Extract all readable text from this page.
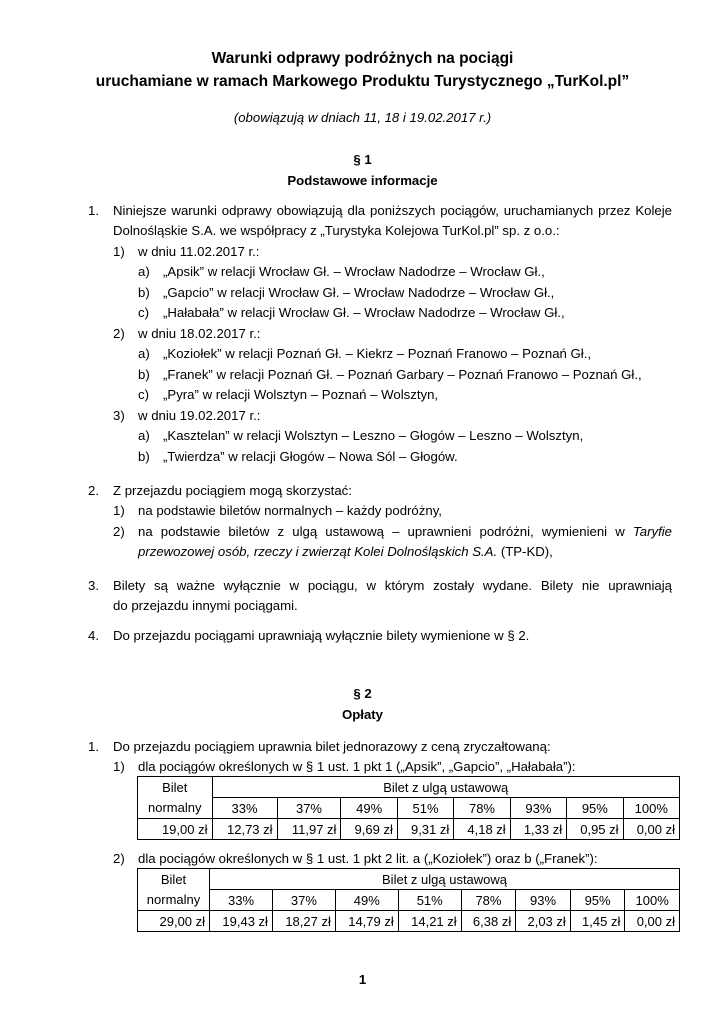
Warunki odprawy podróżnych na pociągi
uruchamiane w ramach Markowego Produktu Turystycznego „TurKol.pl”
(obowiązują w dniach 11, 18 i 19.02.2017 r.)
§ 1
Podstawowe informacje
1. Niniejsze warunki odprawy obowiązują dla poniższych pociągów, uruchamianych przez Koleje
Dolnośląskie S.A. we współpracy z „Turystyka Kolejowa TurKol.pl” sp. z o.o.:
1) w dniu 11.02.2017 r.:
a) „Apsik” w relacji Wrocław Gł. – Wrocław Nadodrze – Wrocław Gł.,
b) „Gapcio” w relacji Wrocław Gł. – Wrocław Nadodrze – Wrocław Gł.,
c) „Hałabała” w relacji Wrocław Gł. – Wrocław Nadodrze – Wrocław Gł.,
2) w dniu 18.02.2017 r.:
a) „Koziołek” w relacji Poznań Gł. – Kiekrz – Poznań Franowo – Poznań Gł.,
b) „Franek” w relacji Poznań Gł. – Poznań Garbary – Poznań Franowo – Poznań Gł.,
c) „Pyra” w relacji Wolsztyn – Poznań – Wolsztyn,
3) w dniu 19.02.2017 r.:
a) „Kasztelan” w relacji Wolsztyn – Leszno – Głogów – Leszno – Wolsztyn,
b) „Twierdza” w relacji Głogów – Nowa Sól – Głogów.
2. Z przejazdu pociągiem mogą skorzystać:
1) na podstawie biletów normalnych – każdy podróżny,
2) na podstawie biletów z ulgą ustawową – uprawnieni podróżni, wymienieni w Taryfie
przewozowej osób, rzeczy i zwierząt Kolei Dolnośląskich S.A. (TP-KD),
3. Bilety są ważne wyłącznie w pociągu, w którym zostały wydane. Bilety nie uprawniają
do przejazdu innymi pociągami.
4. Do przejazdu pociągami uprawniają wyłącznie bilety wymienione w § 2.
§ 2
Opłaty
1. Do przejazdu pociągiem uprawnia bilet jednorazowy z ceną zryczałtowaną:
1) dla pociągów określonych w § 1 ust. 1 pkt 1 („Apsik”, „Gapcio”, „Hałabała”):
Bilet	Bilet z ulgą ustawową							
normalny	33%	37%	49%	51%	78%	93%	95%	100%
19,00 zł	12,73 zł	11,97 zł	9,69 zł	9,31 zł	4,18 zł	1,33 zł	0,95 zł	0,00 zł
2) dla pociągów określonych w § 1 ust. 1 pkt 2 lit. a („Koziołek”) oraz b („Franek”):
Bilet	Bilet z ulgą ustawową							
normalny	33%	37%	49%	51%	78%	93%	95%	100%
29,00 zł	19,43 zł	18,27 zł	14,79 zł	14,21 zł	6,38 zł	2,03 zł	1,45 zł	0,00 zł
1
